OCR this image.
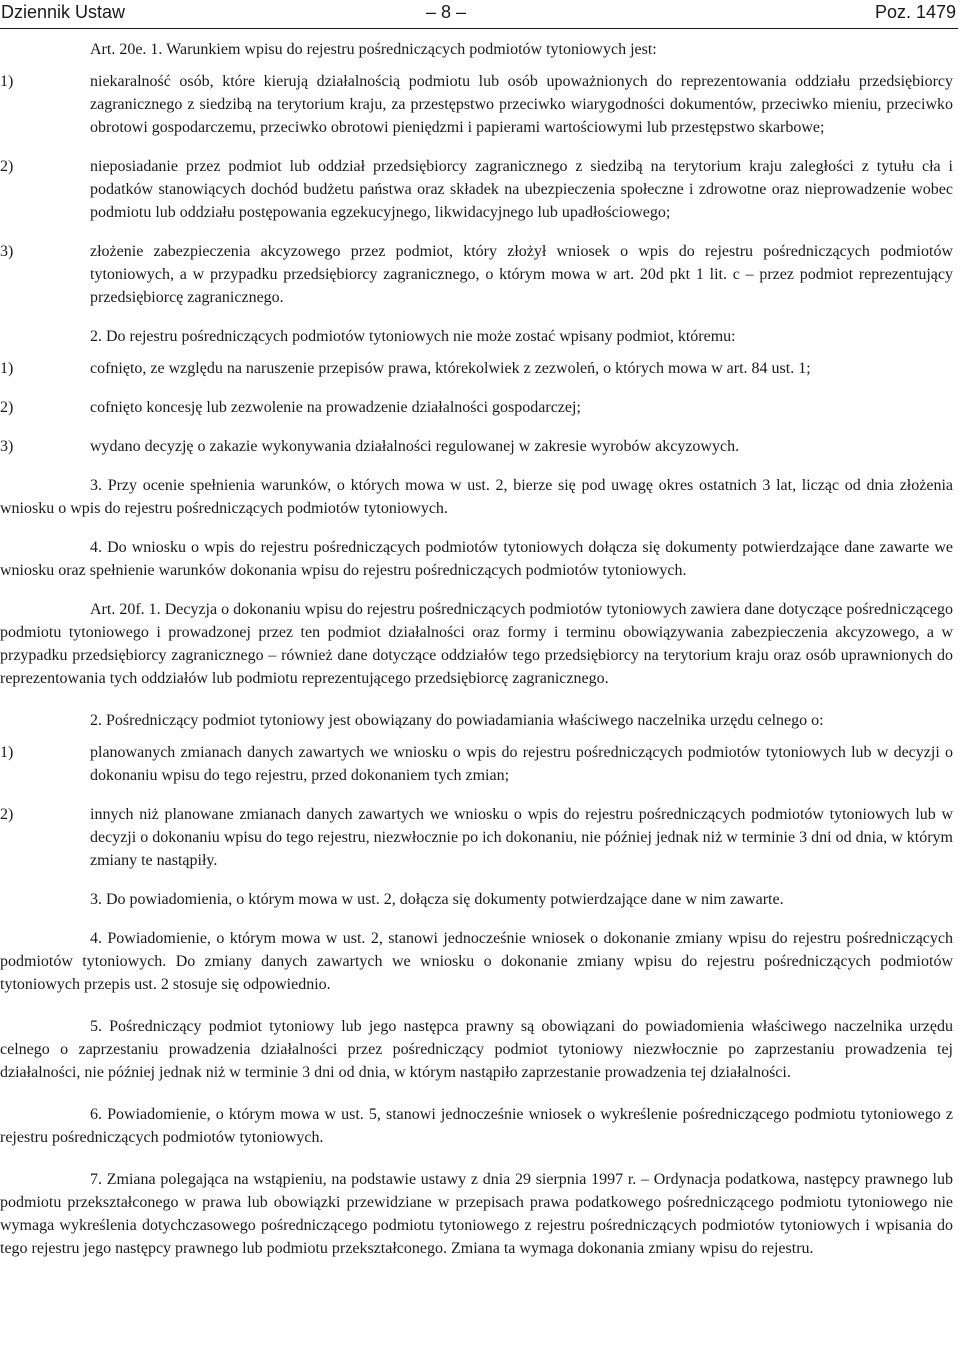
Dziennik Ustaw	– 8 –	Poz. 1479

Art. 20e. 1. Warunkiem wpisu do rejestru pośredniczących podmiotów tytoniowych jest:

1)	niekaralność osób, które kierują działalnością podmiotu lub osób upoważnionych do reprezentowania oddziału przedsiębiorcy zagranicznego z siedzibą na terytorium kraju, za przestępstwo przeciwko wiarygodności dokumentów, przeciwko mieniu, przeciwko obrotowi gospodarczemu, przeciwko obrotowi pieniędzmi i papierami wartościowymi lub przestępstwo skarbowe;

2)	nieposiadanie przez podmiot lub oddział przedsiębiorcy zagranicznego z siedzibą na terytorium kraju zaległości z tytułu cła i podatków stanowiących dochód budżetu państwa oraz składek na ubezpieczenia społeczne i zdrowotne oraz nieprowadzenie wobec podmiotu lub oddziału postępowania egzekucyjnego, likwidacyjnego lub upadłościowego;

3)	złożenie zabezpieczenia akcyzowego przez podmiot, który złożył wniosek o wpis do rejestru pośredniczących podmiotów tytoniowych, a w przypadku przedsiębiorcy zagranicznego, o którym mowa w art. 20d pkt 1 lit. c – przez podmiot reprezentujący przedsiębiorcę zagranicznego.

2. Do rejestru pośredniczących podmiotów tytoniowych nie może zostać wpisany podmiot, któremu:

1)	cofnięto, ze względu na naruszenie przepisów prawa, którekolwiek z zezwoleń, o których mowa w art. 84 ust. 1;

2)	cofnięto koncesję lub zezwolenie na prowadzenie działalności gospodarczej;

3)	wydano decyzję o zakazie wykonywania działalności regulowanej w zakresie wyrobów akcyzowych.

3. Przy ocenie spełnienia warunków, o których mowa w ust. 2, bierze się pod uwagę okres ostatnich 3 lat, licząc od dnia złożenia wniosku o wpis do rejestru pośredniczących podmiotów tytoniowych.

4. Do wniosku o wpis do rejestru pośredniczących podmiotów tytoniowych dołącza się dokumenty potwierdzające dane zawarte we wniosku oraz spełnienie warunków dokonania wpisu do rejestru pośredniczących podmiotów tytoniowych.

Art. 20f. 1. Decyzja o dokonaniu wpisu do rejestru pośredniczących podmiotów tytoniowych zawiera dane dotyczące pośredniczącego podmiotu tytoniowego i prowadzonej przez ten podmiot działalności oraz formy i terminu obowiązywania zabezpieczenia akcyzowego, a w przypadku przedsiębiorcy zagranicznego – również dane dotyczące oddziałów tego przedsiębiorcy na terytorium kraju oraz osób uprawnionych do reprezentowania tych oddziałów lub podmiotu reprezentującego przedsiębiorcę zagranicznego.

2. Pośredniczący podmiot tytoniowy jest obowiązany do powiadamiania właściwego naczelnika urzędu celnego o:

1)	planowanych zmianach danych zawartych we wniosku o wpis do rejestru pośredniczących podmiotów tytoniowych lub w decyzji o dokonaniu wpisu do tego rejestru, przed dokonaniem tych zmian;

2)	innych niż planowane zmianach danych zawartych we wniosku o wpis do rejestru pośredniczących podmiotów tytoniowych lub w decyzji o dokonaniu wpisu do tego rejestru, niezwłocznie po ich dokonaniu, nie później jednak niż w terminie 3 dni od dnia, w którym zmiany te nastąpiły.

3. Do powiadomienia, o którym mowa w ust. 2, dołącza się dokumenty potwierdzające dane w nim zawarte.

4. Powiadomienie, o którym mowa w ust. 2, stanowi jednocześnie wniosek o dokonanie zmiany wpisu do rejestru pośredniczących podmiotów tytoniowych. Do zmiany danych zawartych we wniosku o dokonanie zmiany wpisu do rejestru pośredniczących podmiotów tytoniowych przepis ust. 2 stosuje się odpowiednio.

5. Pośredniczący podmiot tytoniowy lub jego następca prawny są obowiązani do powiadomienia właściwego naczelnika urzędu celnego o zaprzestaniu prowadzenia działalności przez pośredniczący podmiot tytoniowy niezwłocznie po zaprzestaniu prowadzenia tej działalności, nie później jednak niż w terminie 3 dni od dnia, w którym nastąpiło zaprzestanie prowadzenia tej działalności.

6. Powiadomienie, o którym mowa w ust. 5, stanowi jednocześnie wniosek o wykreślenie pośredniczącego podmiotu tytoniowego z rejestru pośredniczących podmiotów tytoniowych.

7. Zmiana polegająca na wstąpieniu, na podstawie ustawy z dnia 29 sierpnia 1997 r. – Ordynacja podatkowa, następcy prawnego lub podmiotu przekształconego w prawa lub obowiązki przewidziane w przepisach prawa podatkowego pośredniczącego podmiotu tytoniowego nie wymaga wykreślenia dotychczasowego pośredniczącego podmiotu tytoniowego z rejestru pośredniczących podmiotów tytoniowych i wpisania do tego rejestru jego następcy prawnego lub podmiotu przekształconego. Zmiana ta wymaga dokonania zmiany wpisu do rejestru.
